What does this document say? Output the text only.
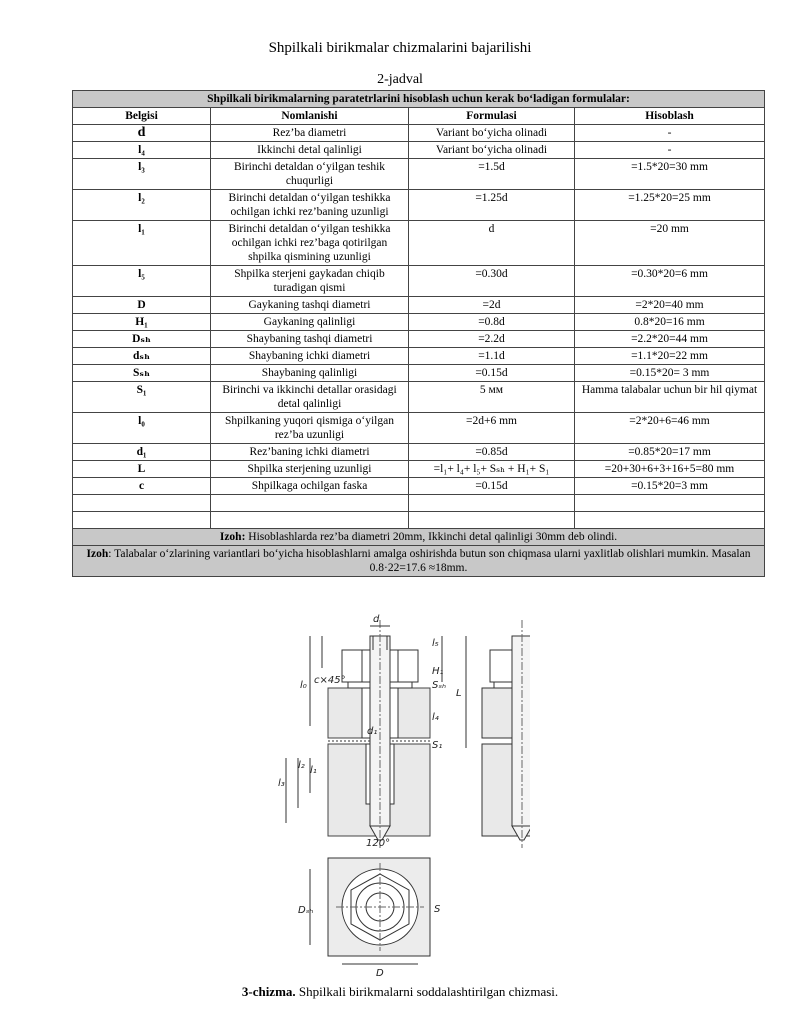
Shpilkali birikmalar chizmalarini bajarilishi
2-jadval
Shpilkali birikmalarning paratetrlarini hisoblash uchun kerak bo‘ladigan formulalar:			
Belgisi	Nomlanishi	Formulasi	Hisoblash
d	Rez’ba diametri	Variant bo‘yicha olinadi	-
l₄	Ikkinchi detal qalinligi	Variant bo‘yicha olinadi	-
l₃	Birinchi detaldan o‘yilgan teshik chuqurligi	=1.5d	=1.5*20=30 mm
l₂	Birinchi detaldan o‘yilgan teshikka ochilgan ichki rez’baning uzunligi	=1.25d	=1.25*20=25 mm
l₁	Birinchi detaldan o‘yilgan teshikka ochilgan ichki rez’baga qotirilgan shpilka qismining uzunligi	d	=20 mm
l₅	Shpilka sterjeni gaykadan chiqib turadigan qismi	=0.30d	=0.30*20=6 mm
D	Gaykaning tashqi diametri	=2d	=2*20=40 mm
H₁	Gaykaning qalinligi	=0.8d	0.8*20=16 mm
Dₛₕ	Shaybaning tashqi diametri	=2.2d	=2.2*20=44 mm
dₛₕ	Shaybaning ichki diametri	=1.1d	=1.1*20=22 mm
Sₛₕ	Shaybaning qalinligi	=0.15d	=0.15*20= 3 mm
S₁	Birinchi va ikkinchi detallar orasidagi detal qalinligi	5 мм	Hamma talabalar uchun bir hil qiymat
l₀	Shpilkaning yuqori qismiga o‘yilgan rez’ba uzunligi	=2d+6 mm	=2*20+6=46 mm
d₁	Rez’baning ichki diametri	=0.85d	=0.85*20=17 mm
L	Shpilka sterjening uzunligi	=l₁+ l₄+ l₅+ Sₛₕ + H₁+ S₁	=20+30+6+3+16+5=80 mm
c	Shpilkaga ochilgan faska	=0.15d	=0.15*20=3 mm

Izoh: Hisoblashlarda rez’ba diametri 20mm, Ikkinchi detal qalinligi 30mm deb olindi.			
Izoh: Talabalar o‘zlarining variantlari bo‘yicha hisoblashlarni amalga oshirishda butun son chiqmasa ularni yaxlitlab olishlari mumkin. Masalan 0.8·22=17.6 ≈18mm.			
d
l₀ c×45°
H₁
l₅
L
Sₛₕ
l₄
S₁
d₁
l₂ l₁
l₃
120°
Dₛₕ	S
D
3-chizma. Shpilkali birikmalarni soddalashtirilgan chizmasi.
